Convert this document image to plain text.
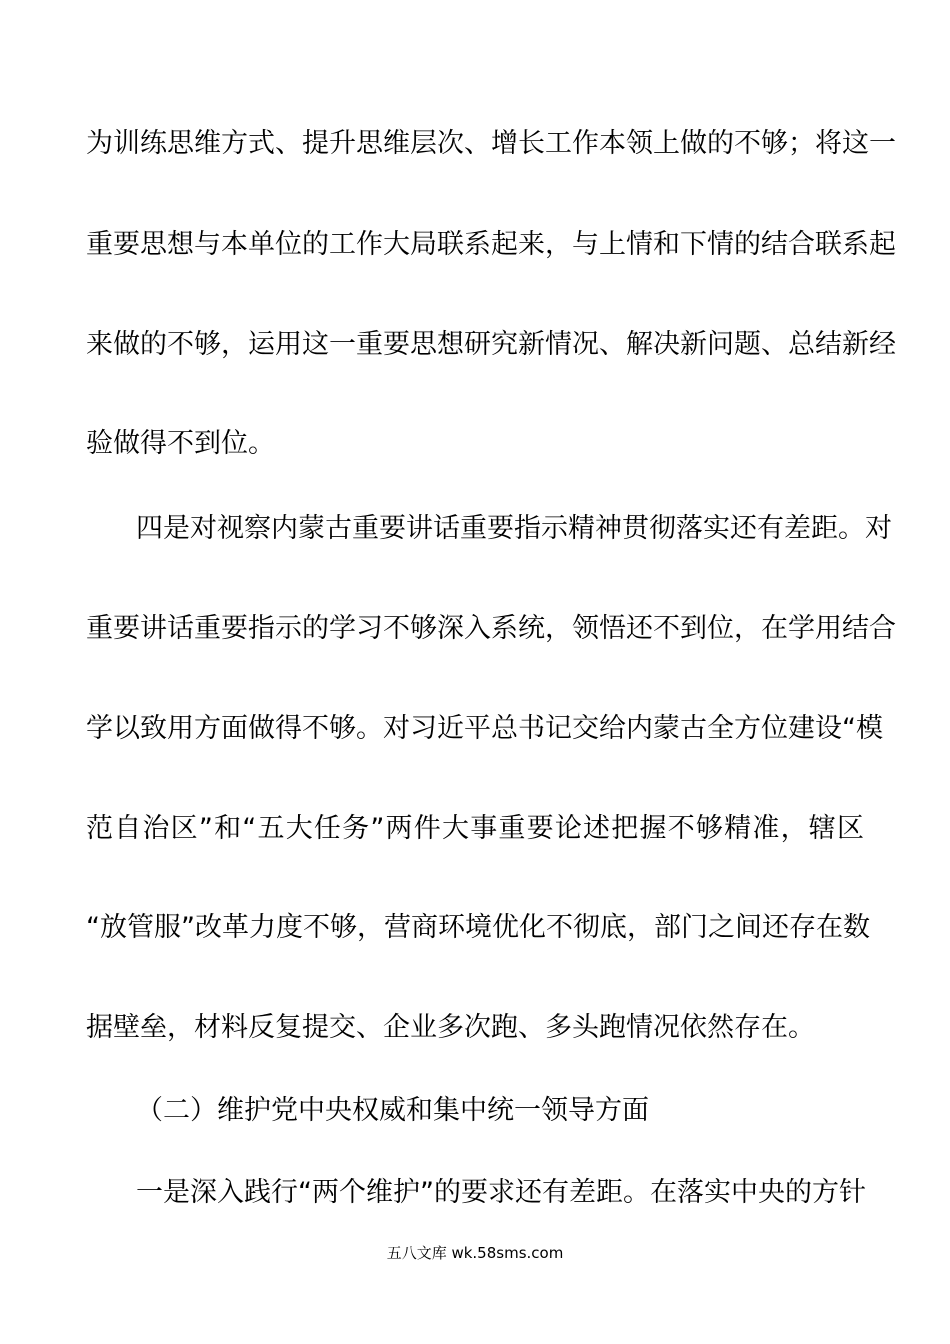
为训练思维方式、提升思维层次、增长工作本领上做的不够；将这一
重要思想与本单位的工作大局联系起来，与上情和下情的结合联系起
来做的不够，运用这一重要思想研究新情况、解决新问题、总结新经
验做得不到位。
四是对视察内蒙古重要讲话重要指示精神贯彻落实还有差距。对
重要讲话重要指示的学习不够深入系统，领悟还不到位，在学用结合
学以致用方面做得不够。对习近平总书记交给内蒙古全方位建设“模
范自治区”和“五大任务”两件大事重要论述把握不够精准，辖区
“放管服”改革力度不够，营商环境优化不彻底，部门之间还存在数
据壁垒，材料反复提交、企业多次跑、多头跑情况依然存在。
（二）维护党中央权威和集中统一领导方面
一是深入践行“两个维护”的要求还有差距。在落实中央的方针
五八文库 wk.58sms.com
